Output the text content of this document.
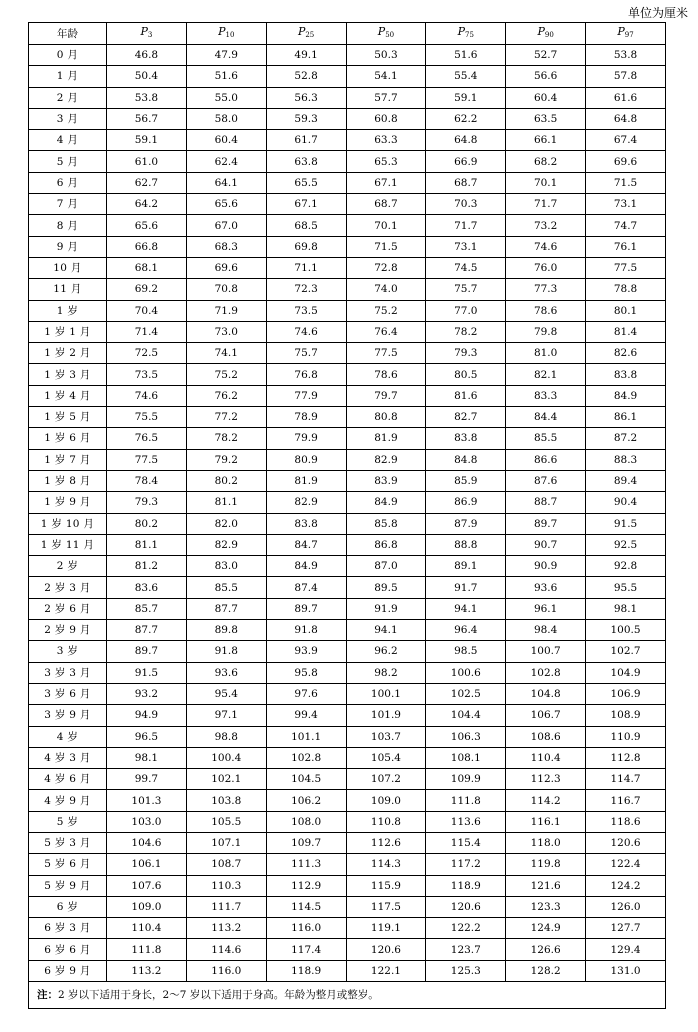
单位为厘米
年龄	$P_3$	$P_{10}$	$P_{25}$	$P_{50}$	$P_{75}$	$P_{90}$	$P_{97}$
0 月	46.8	47.9	49.1	50.3	51.6	52.7	53.8
1 月	50.4	51.6	52.8	54.1	55.4	56.6	57.8
2 月	53.8	55.0	56.3	57.7	59.1	60.4	61.6
3 月	56.7	58.0	59.3	60.8	62.2	63.5	64.8
4 月	59.1	60.4	61.7	63.3	64.8	66.1	67.4
5 月	61.0	62.4	63.8	65.3	66.9	68.2	69.6
6 月	62.7	64.1	65.5	67.1	68.7	70.1	71.5
7 月	64.2	65.6	67.1	68.7	70.3	71.7	73.1
8 月	65.6	67.0	68.5	70.1	71.7	73.2	74.7
9 月	66.8	68.3	69.8	71.5	73.1	74.6	76.1
10 月	68.1	69.6	71.1	72.8	74.5	76.0	77.5
11 月	69.2	70.8	72.3	74.0	75.7	77.3	78.8
1 岁	70.4	71.9	73.5	75.2	77.0	78.6	80.1
1 岁 1 月	71.4	73.0	74.6	76.4	78.2	79.8	81.4
1 岁 2 月	72.5	74.1	75.7	77.5	79.3	81.0	82.6
1 岁 3 月	73.5	75.2	76.8	78.6	80.5	82.1	83.8
1 岁 4 月	74.6	76.2	77.9	79.7	81.6	83.3	84.9
1 岁 5 月	75.5	77.2	78.9	80.8	82.7	84.4	86.1
1 岁 6 月	76.5	78.2	79.9	81.9	83.8	85.5	87.2
1 岁 7 月	77.5	79.2	80.9	82.9	84.8	86.6	88.3
1 岁 8 月	78.4	80.2	81.9	83.9	85.9	87.6	89.4
1 岁 9 月	79.3	81.1	82.9	84.9	86.9	88.7	90.4
1 岁 10 月	80.2	82.0	83.8	85.8	87.9	89.7	91.5
1 岁 11 月	81.1	82.9	84.7	86.8	88.8	90.7	92.5
2 岁	81.2	83.0	84.9	87.0	89.1	90.9	92.8
2 岁 3 月	83.6	85.5	87.4	89.5	91.7	93.6	95.5
2 岁 6 月	85.7	87.7	89.7	91.9	94.1	96.1	98.1
2 岁 9 月	87.7	89.8	91.8	94.1	96.4	98.4	100.5
3 岁	89.7	91.8	93.9	96.2	98.5	100.7	102.7
3 岁 3 月	91.5	93.6	95.8	98.2	100.6	102.8	104.9
3 岁 6 月	93.2	95.4	97.6	100.1	102.5	104.8	106.9
3 岁 9 月	94.9	97.1	99.4	101.9	104.4	106.7	108.9
4 岁	96.5	98.8	101.1	103.7	106.3	108.6	110.9
4 岁 3 月	98.1	100.4	102.8	105.4	108.1	110.4	112.8
4 岁 6 月	99.7	102.1	104.5	107.2	109.9	112.3	114.7
4 岁 9 月	101.3	103.8	106.2	109.0	111.8	114.2	116.7
5 岁	103.0	105.5	108.0	110.8	113.6	116.1	118.6
5 岁 3 月	104.6	107.1	109.7	112.6	115.4	118.0	120.6
5 岁 6 月	106.1	108.7	111.3	114.3	117.2	119.8	122.4
5 岁 9 月	107.6	110.3	112.9	115.9	118.9	121.6	124.2
6 岁	109.0	111.7	114.5	117.5	120.6	123.3	126.0
6 岁 3 月	110.4	113.2	116.0	119.1	122.2	124.9	127.7
6 岁 6 月	111.8	114.6	117.4	120.6	123.7	126.6	129.4
6 岁 9 月	113.2	116.0	118.9	122.1	125.3	128.2	131.0
注：2 岁以下适用于身长，2〜7 岁以下适用于身高。年龄为整月或整岁。							
